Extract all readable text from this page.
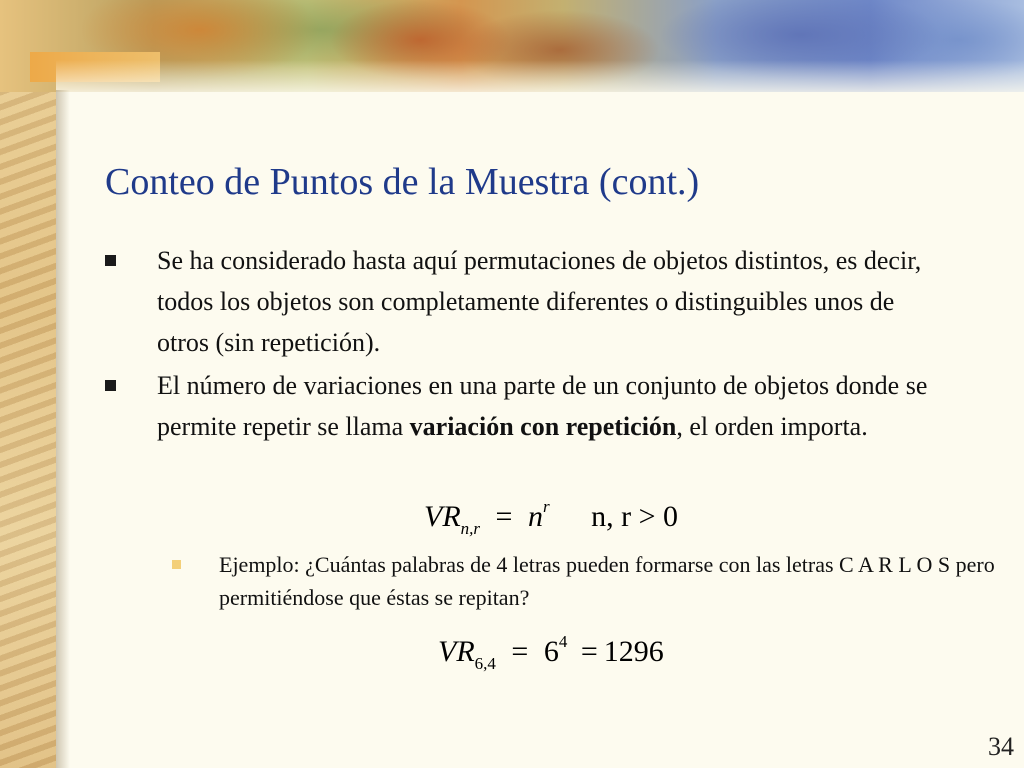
Conteo de Puntos de la Muestra (cont.)
Se ha considerado hasta aquí permutaciones de objetos distintos, es decir, todos los objetos son completamente diferentes o distinguibles unos de otros (sin repetición).
El número de variaciones en una parte de un conjunto de objetos donde se permite repetir se llama variación con repetición, el orden importa.
$VR_{n,r} = n^r$ n, r > 0
Ejemplo: ¿Cuántas palabras de 4 letras pueden formarse con las letras C A R L O S pero permitiéndose que éstas se repitan?
$VR_{6,4} = 6^4 = 1296$
34
